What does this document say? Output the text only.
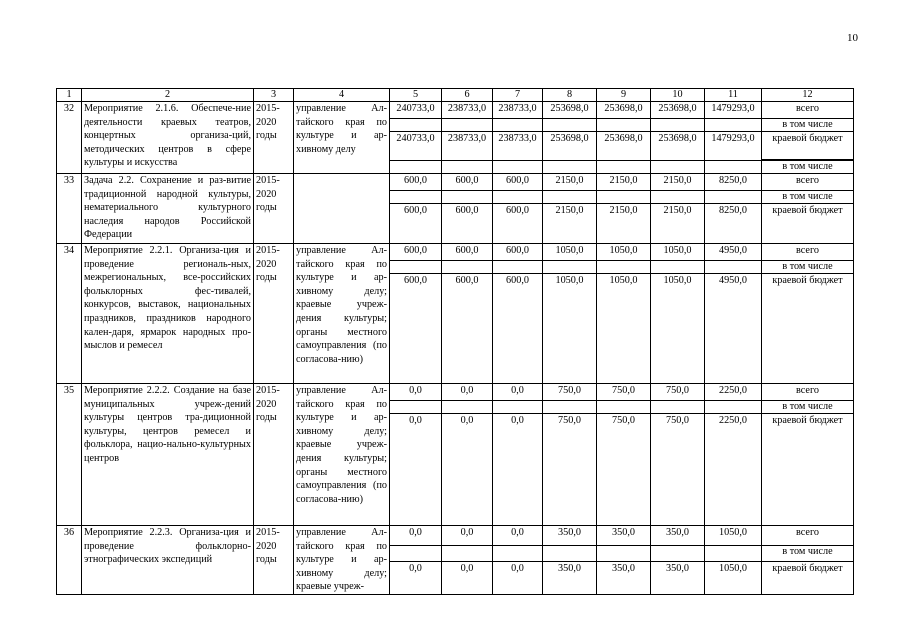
10
1	2	3	4	5	6	7	8	9	10	11	12
32	Мероприятие 2.1.6. Обеспече-ние деятельности краевых театров, концертных организа-ций, методических центров в сфере культуры и искусства	2015-2020 годы	управление Ал-тайского края по культуре и ар-хивному делу	240733,0	238733,0	238733,0	253698,0	253698,0	253698,0	1479293,0	всего
											в том числе
				240733,0	238733,0	238733,0	253698,0	253698,0	253698,0	1479293,0	краевой бюджет

											в том числе
33	Задача 2.2. Сохранение и раз-витие традиционной народной культуры, нематериального культурного наследия народов Российской Федерации	2015-2020 годы		600,0	600,0	600,0	2150,0	2150,0	2150,0	8250,0	всего
											в том числе
				600,0	600,0	600,0	2150,0	2150,0	2150,0	8250,0	краевой бюджет
34	Мероприятие 2.2.1. Организа-ция и проведение региональ-ных, межрегиональных, все-российских фольклорных фес-тивалей, конкурсов, выставок, национальных праздников, праздников народного кален-даря, ярмарок народных про-мыслов и ремесел	2015-2020 годы	управление Ал-тайского края по культуре и ар-хивному делу; краевые учреж-дения культуры; органы местного самоуправления (по согласова-нию)	600,0	600,0	600,0	1050,0	1050,0	1050,0	4950,0	всего
											в том числе
				600,0	600,0	600,0	1050,0	1050,0	1050,0	4950,0	краевой бюджет
35	Мероприятие 2.2.2. Создание на базе муниципальных учреж-дений культуры центров тра-диционной культуры, центров ремесел и фольклора, нацио-нально-культурных центров	2015-2020 годы	управление Ал-тайского края по культуре и ар-хивному делу; краевые учреж-дения культуры; органы местного самоуправления (по согласова-нию)	0,0	0,0	0,0	750,0	750,0	750,0	2250,0	всего
											в том числе
				0,0	0,0	0,0	750,0	750,0	750,0	2250,0	краевой бюджет
36	Мероприятие 2.2.3. Организа-ция и проведение фольклорно-этнографических экспедиций	2015-2020 годы	управление Ал-тайского края по культуре и ар-хивному делу; краевые учреж-	0,0	0,0	0,0	350,0	350,0	350,0	1050,0	всего
											в том числе
				0,0	0,0	0,0	350,0	350,0	350,0	1050,0	краевой бюджет
